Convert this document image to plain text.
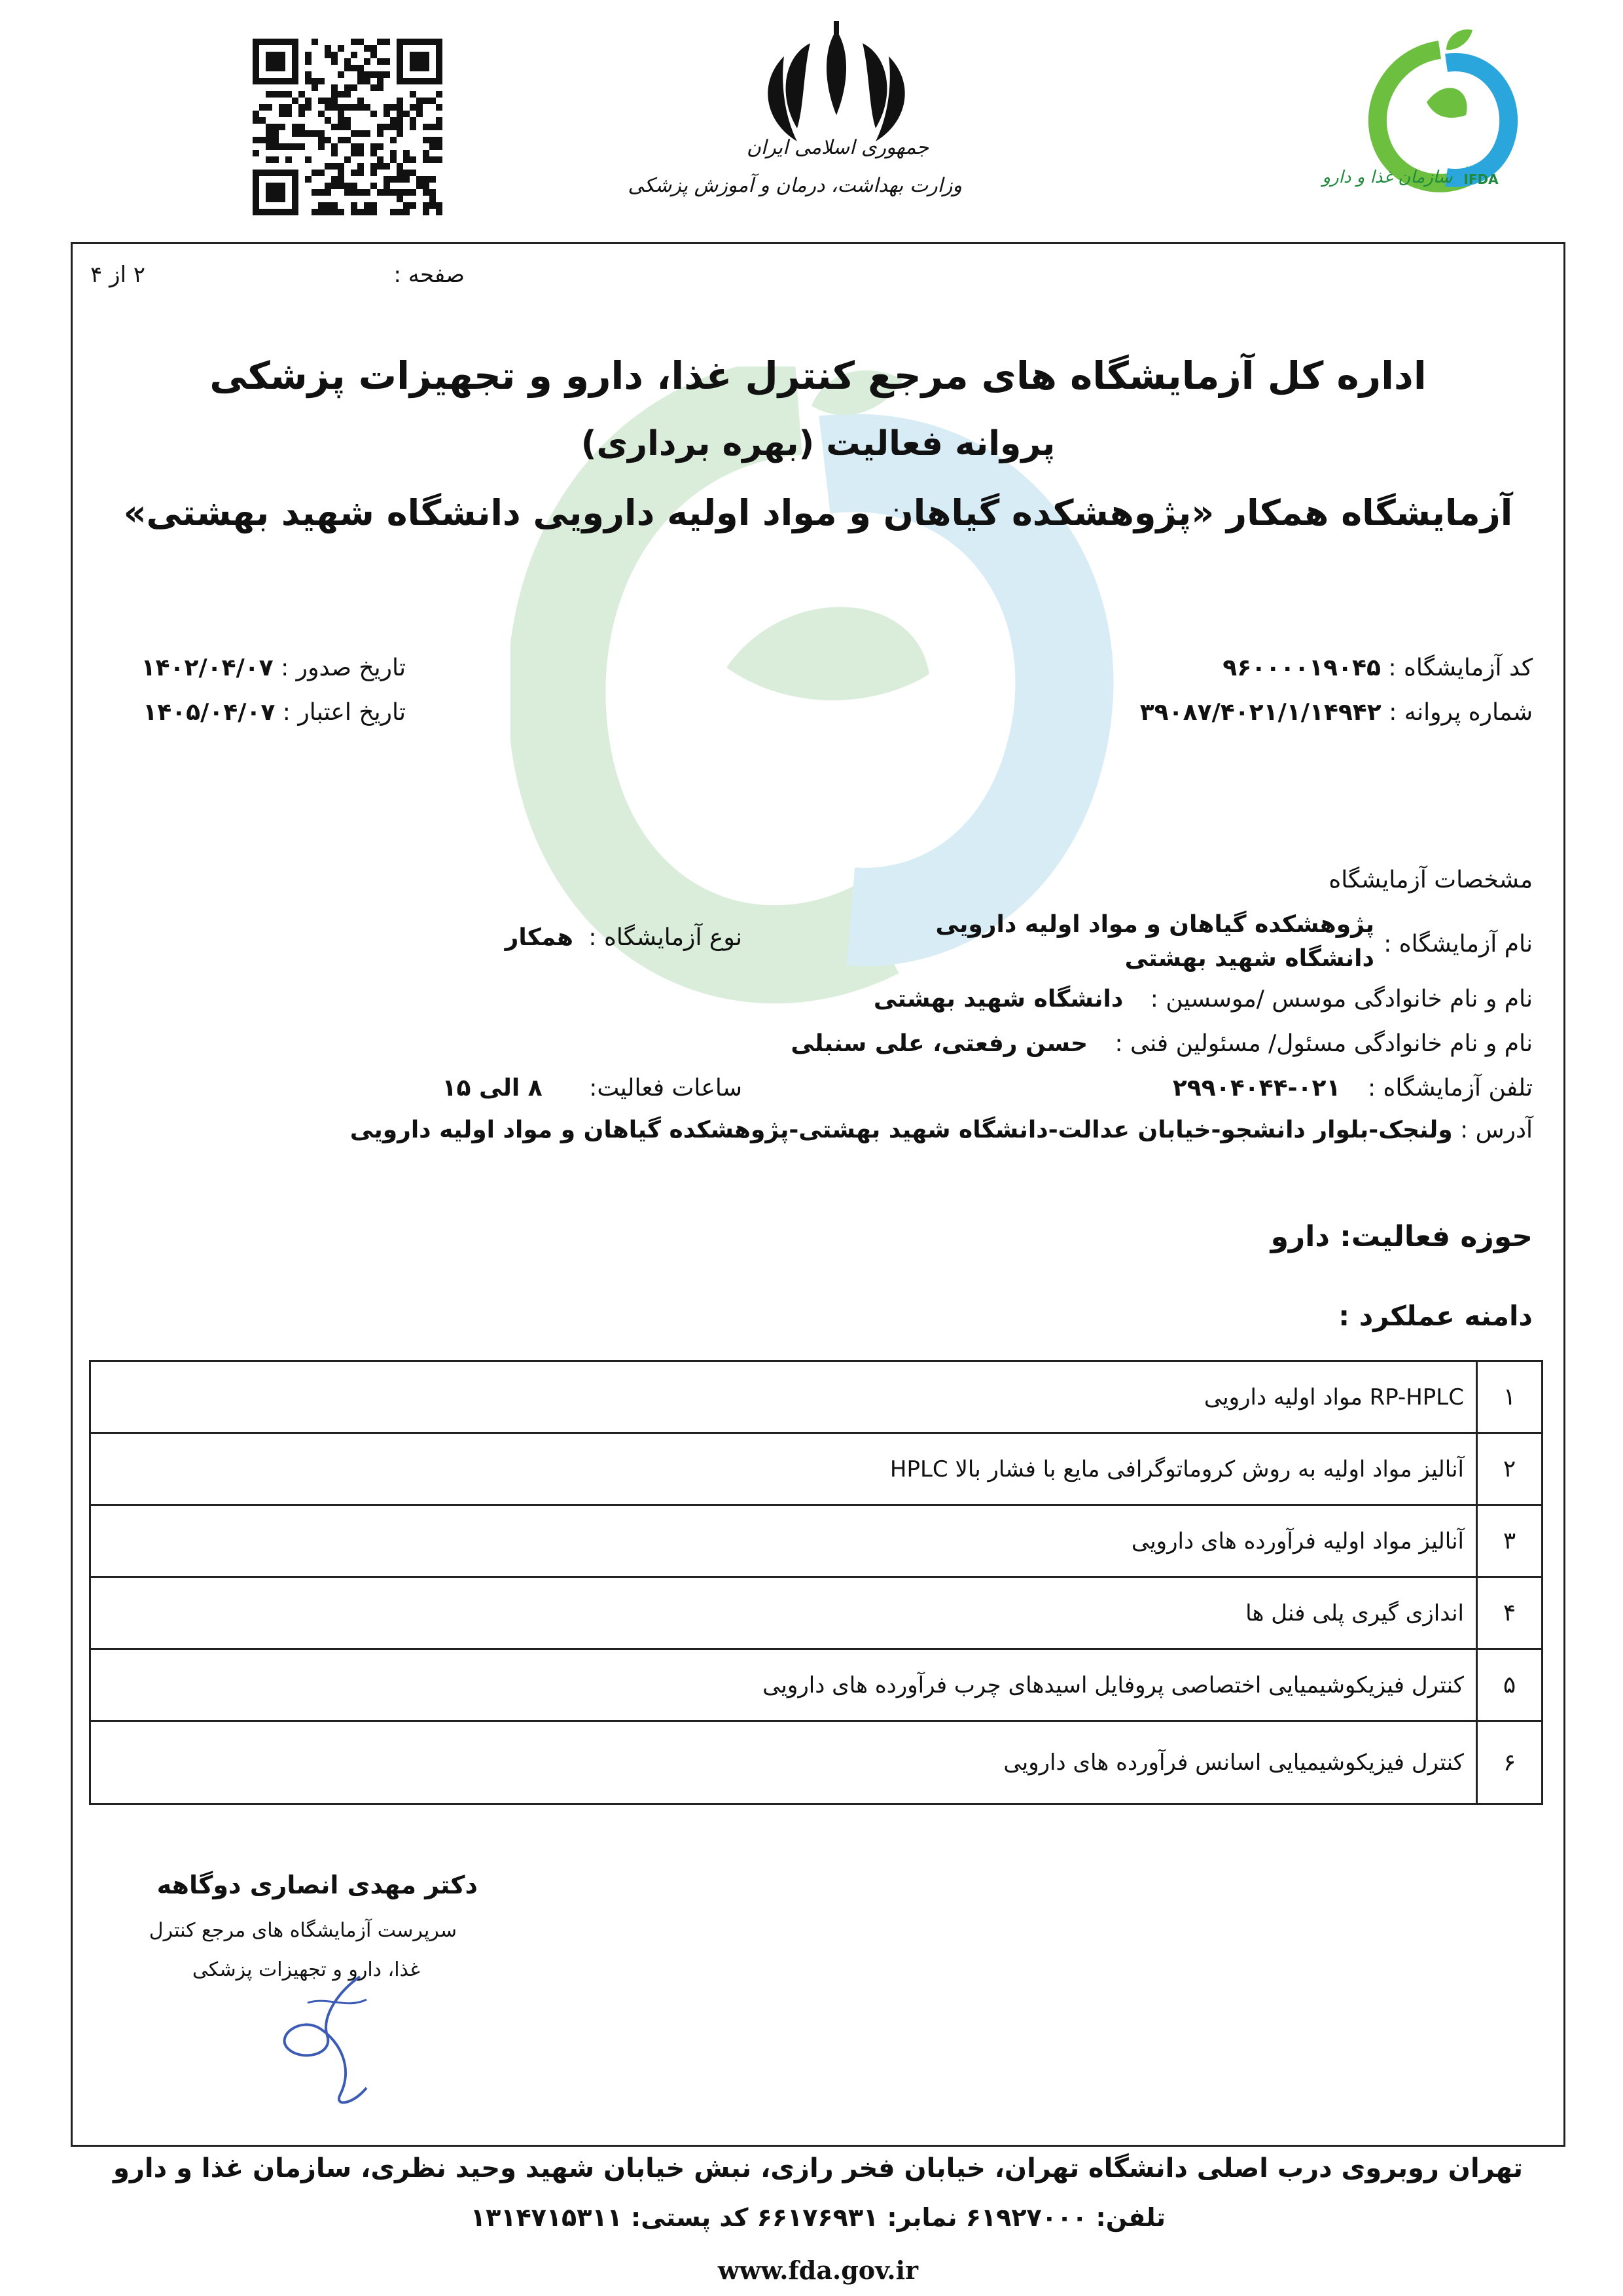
جمهوری اسلامی ایران
وزارت بهداشت، درمان و آموزش پزشکی	سازمان غذا و دارو IFDA
صفحه :
۲ از ۴
اداره کل آزمایشگاه های مرجع کنترل غذا، دارو و تجهیزات پزشکی
پروانه فعالیت (بهره برداری)
آزمایشگاه همکار «پژوهشکده گیاهان و مواد اولیه دارویی دانشگاه شهید بهشتی»
کد آزمایشگاه : ۹۶۰۰۰۰۱۹۰۴۵
شماره پروانه : ۳۹۰۸۷/۴۰۲۱/۱/۱۴۹۴۲
تاریخ صدور : ۱۴۰۲/۰۴/۰۷
تاریخ اعتبار : ۱۴۰۵/۰۴/۰۷
مشخصات آزمایشگاه
نام آزمایشگاه :
پژوهشکده گیاهان و مواد اولیه دارویی
دانشگاه شهید بهشتی
نوع آزمایشگاه : همکار
نام و نام خانوادگی موسس /موسسین : دانشگاه شهید بهشتی
نام و نام خانوادگی مسئول/ مسئولین فنی : حسن رفعتی، علی سنبلی
تلفن آزمایشگاه : ۰۲۱-۲۹۹۰۴۰۴۴
ساعات فعالیت: ۸ الی ۱۵
آدرس : ولنجک-بلوار دانشجو-خیابان عدالت-دانشگاه شهید بهشتی-پژوهشکده گیاهان و مواد اولیه دارویی
حوزه فعالیت: دارو
دامنه عملکرد :
۱
RP-HPLC مواد اولیه دارویی
۲
آنالیز مواد اولیه به روش کروماتوگرافی مایع با فشار بالا HPLC
۳
آنالیز مواد اولیه فرآورده های دارویی
۴
اندازی گیری پلی فنل ها
۵
کنترل فیزیکوشیمیایی اختصاصی پروفایل اسیدهای چرب فرآورده های دارویی
۶
کنترل فیزیکوشیمیایی اسانس فرآورده های دارویی
دکتر مهدی انصاری دوگاهه
سرپرست آزمایشگاه های مرجع کنترل
غذا، دارو و تجهیزات پزشکی
تهران روبروی درب اصلی دانشگاه تهران، خیابان فخر رازی، نبش خیابان شهید وحید نظری، سازمان غذا و دارو
تلفن: ۶۱۹۲۷۰۰۰ نمابر: ۶۶۱۷۶۹۳۱ کد پستی: ۱۳۱۴۷۱۵۳۱۱
www.fda.gov.ir
